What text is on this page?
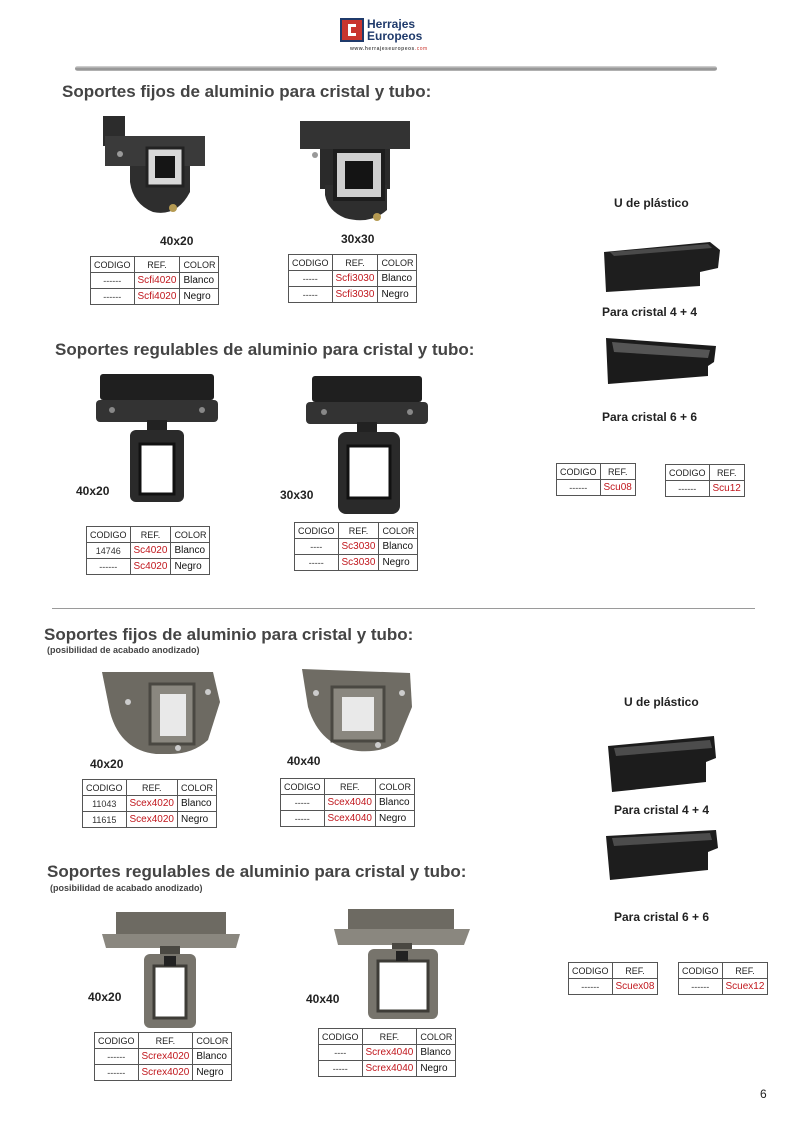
Herrajes
Europeos
www.herrajeseuropeos.com
Soportes fijos de aluminio para cristal y tubo:
40x20
CODIGO	REF.	COLOR
------	Scfi4020	Blanco
------	Scfi4020	Negro
30x30
CODIGO	REF.	COLOR
-----	Scfi3030	Blanco
-----	Scfi3030	Negro
U de plástico
Para cristal 4 + 4
Para cristal 6 + 6
CODIGO	REF.
------	Scu08
CODIGO	REF.
------	Scu12
Soportes regulables de aluminio para cristal y tubo:
40x20
CODIGO	REF.	COLOR
14746	Sc4020	Blanco
------	Sc4020	Negro
30x30
CODIGO	REF.	COLOR
----	Sc3030	Blanco
-----	Sc3030	Negro
Soportes fijos de aluminio para cristal y tubo:
(posibilidad de acabado anodizado)
40x20
CODIGO	REF.	COLOR
11043	Scex4020	Blanco
11615	Scex4020	Negro
40x40
CODIGO	REF.	COLOR
-----	Scex4040	Blanco
-----	Scex4040	Negro
U de plástico
Para cristal 4 + 4
Para cristal 6 + 6
CODIGO	REF.
------	Scuex08
CODIGO	REF.
------	Scuex12
Soportes regulables de aluminio para cristal y tubo:
(posibilidad de acabado anodizado)
40x20
CODIGO	REF.	COLOR
------	Screx4020	Blanco
------	Screx4020	Negro
40x40
CODIGO	REF.	COLOR
----	Screx4040	Blanco
-----	Screx4040	Negro
6
